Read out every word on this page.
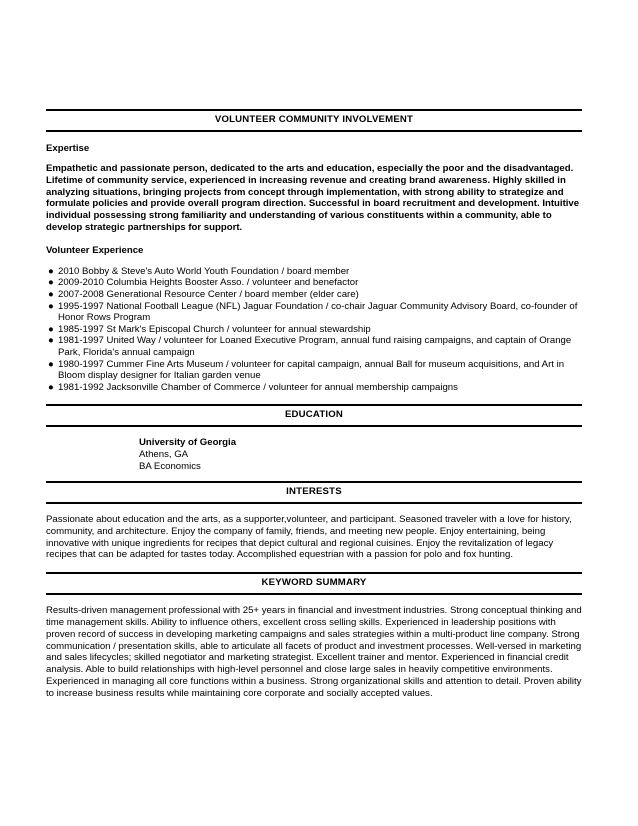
VOLUNTEER COMMUNITY INVOLVEMENT
Expertise
Empathetic and passionate person, dedicated to the arts and education, especially the poor and the disadvantaged. Lifetime of community service, experienced in increasing revenue and creating brand awareness. Highly skilled in analyzing situations, bringing projects from concept through implementation, with strong ability to strategize and formulate policies and provide overall program direction. Successful in board recruitment and development. Intuitive individual possessing strong familiarity and understanding of various constituents within a community, able to develop strategic partnerships for support.
Volunteer Experience
● 2010 Bobby & Steve's Auto World Youth Foundation / board member
● 2009-2010 Columbia Heights Booster Asso. / volunteer and benefactor
● 2007-2008 Generational Resource Center / board member (elder care)
● 1995-1997 National Football League (NFL) Jaguar Foundation / co-chair Jaguar Community Advisory Board, co-founder of Honor Rows Program
● 1985-1997 St Mark's Episcopal Church / volunteer for annual stewardship
● 1981-1997 United Way / volunteer for Loaned Executive Program, annual fund raising campaigns, and captain of Orange Park, Florida's annual campaign
● 1980-1997 Cummer Fine Arts Museum / volunteer for capital campaign, annual Ball for museum acquisitions, and Art in Bloom display designer for Italian garden venue
● 1981-1992 Jacksonville Chamber of Commerce / volunteer for annual membership campaigns
EDUCATION
University of Georgia
Athens, GA
BA Economics
INTERESTS
Passionate about education and the arts, as a supporter,volunteer, and participant. Seasoned traveler with a love for history, community, and architecture. Enjoy the company of family, friends, and meeting new people. Enjoy entertaining, being innovative with unique ingredients for recipes that depict cultural and regional cuisines. Enjoy the revitalization of legacy recipes that can be adapted for tastes today. Accomplished equestrian with a passion for polo and fox hunting.
KEYWORD SUMMARY
Results-driven management professional with 25+ years in financial and investment industries. Strong conceptual thinking and time management skills. Ability to influence others, excellent cross selling skills. Experienced in leadership positions with proven record of success in developing marketing campaigns and sales strategies within a multi-product line company. Strong communication / presentation skills, able to articulate all facets of product and investment processes. Well-versed in marketing and sales lifecycles; skilled negotiator and marketing strategist. Excellent trainer and mentor. Experienced in financial credit analysis. Able to build relationships with high-level personnel and close large sales in heavily competitive environments. Experienced in managing all core functions within a business. Strong organizational skills and attention to detail. Proven ability to increase business results while maintaining core corporate and socially accepted values.
